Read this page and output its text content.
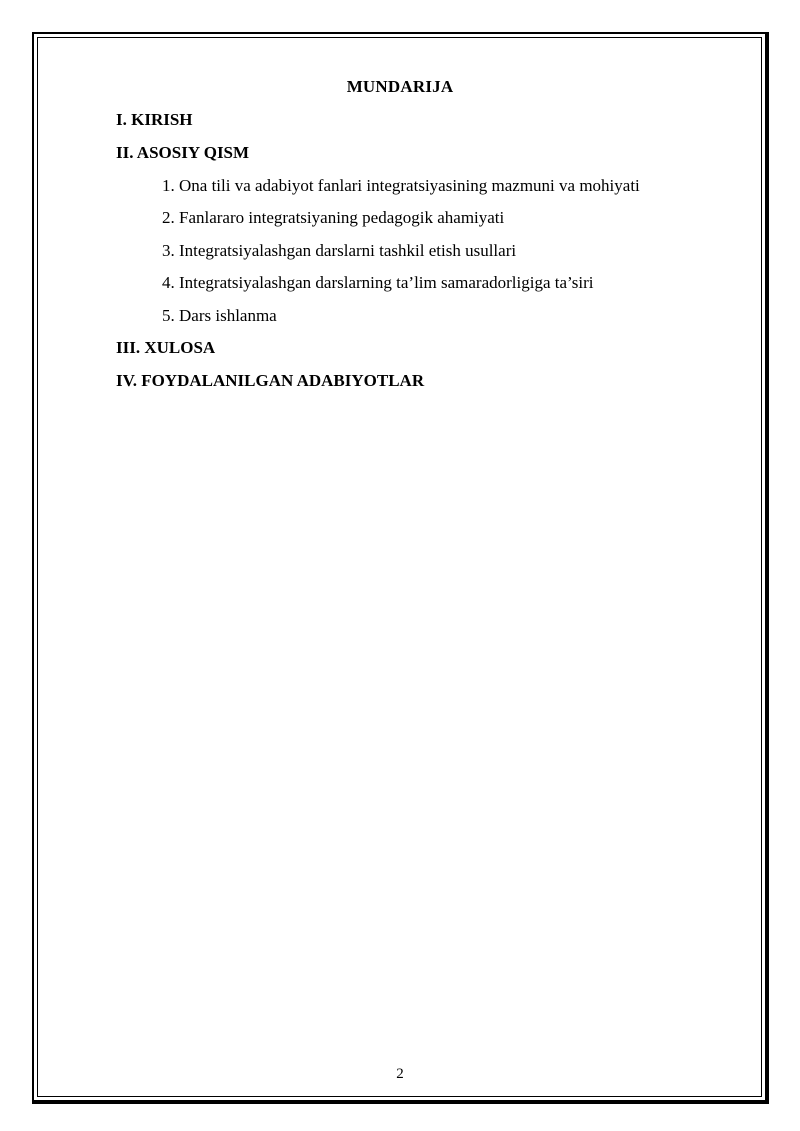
MUNDARIJA
I. KIRISH
II. ASOSIY QISM
1. Ona tili va adabiyot fanlari integratsiyasining mazmuni va mohiyati
2. Fanlararo integratsiyaning pedagogik ahamiyati
3. Integratsiyalashgan darslarni tashkil etish usullari
4. Integratsiyalashgan darslarning ta’lim samaradorligiga ta’siri
5. Dars ishlanma
III. XULOSA
IV. FOYDALANILGAN ADABIYOTLAR
2
